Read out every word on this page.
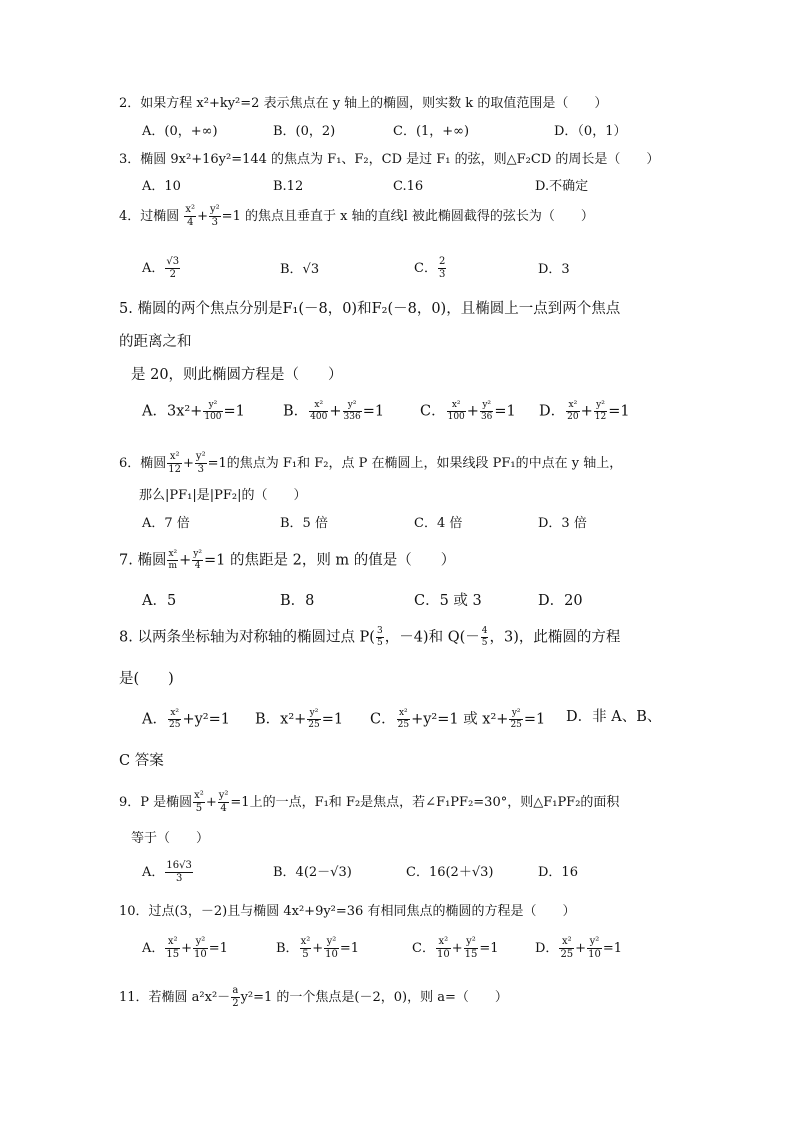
2．如果方程 x²+ky²=2 表示焦点在 y 轴上的椭圆，则实数 k 的取值范围是（　　）
A．(0，+∞)	B．(0，2)	C．(1，+∞)	D．（0，1）
3．椭圆 9x²+16y²=144 的焦点为 F₁、F₂，CD 是过 F₁ 的弦，则△F₂CD 的周长是（　　）
A．10	B.12	C.16	D.不确定
4．过椭圆 $\frac{\text{x²}}{4} + \frac{\text{y²}}{3} =1$ 的焦点且垂直于 x 轴的直线l 被此椭圆截得的弦长为（　　）
A． $\frac{√3}{2}$	B．√3	C． $\frac{2}{3}$	D．3
5. 椭圆的两个焦点分别是F₁(－8，0)和F₂(－8，0)，且椭圆上一点到两个焦点
的距离之和
是 20，则此椭圆方程是（　　）
A．$3x^2+ \frac{\text{y²}}{100} =1$	B． $\frac{\text{x²}}{400} + \frac{\text{y²}}{336} =1$ C． $\frac{\text{x²}}{100} + \frac{\text{y²}}{36} =1$ D． $\frac{\text{x²}}{20} + \frac{\text{y²}}{12} =1$
6．椭圆 $\frac{\text{x²}}{12} + \frac{\text{y²}}{3} =1$的焦点为 F₁和 F₂，点 P 在椭圆上，如果线段 PF₁的中点在 y 轴上，
那么|PF₁|是|PF₂|的（　　）
A．7 倍	B．5 倍	C．4 倍	D．3 倍
7. 椭圆 $\frac{\text{x²}}{m} + \frac{\text{y²}}{4} =1$ 的焦距是 2，则 m 的值是（　　）
A．5	B．8	C．5 或 3	D．20
8. 以两条坐标轴为对称轴的椭圆过点 $P( \frac{3}{5}$ ，－4)和 $Q(- \frac{4}{5}$ ，3)，此椭圆的方程
是(　　)
A． $\frac{\text{x²}}{25} +y^2=1$ B．$x^2+ \frac{\text{y²}}{25} =1$ C． $\frac{\text{x²}}{25} +y^2=1$ 或 $x^2+ \frac{\text{y²}}{25} =1$ D．非 A、B、
C 答案
9．P 是椭圆 $\frac{\text{x²}}{5} + \frac{\text{y²}}{4} =1$上的一点，F₁和 F₂是焦点，若∠F₁PF₂=30°，则△F₁PF₂的面积
等于（　　）
A． $\frac{16√3}{3}$	B．4(2－√3)	C．16(2＋√3)	D．16
10．过点(3，－2)且与椭圆 4x²+9y²=36 有相同焦点的椭圆的方程是（　　）
A． $\frac{\text{x²}}{15} + \frac{\text{y²}}{10} =1$	B． $\frac{\text{x²}}{5} + \frac{\text{y²}}{10} =1$	C． $\frac{\text{x²}}{10} + \frac{\text{y²}}{15} =1$	D． $\frac{\text{x²}}{25} + \frac{\text{y²}}{10} =1$
11．若椭圆 $a^2x^2- \frac{a}{2} y^2=1$ 的一个焦点是(－2，0)，则 a=（　　）
